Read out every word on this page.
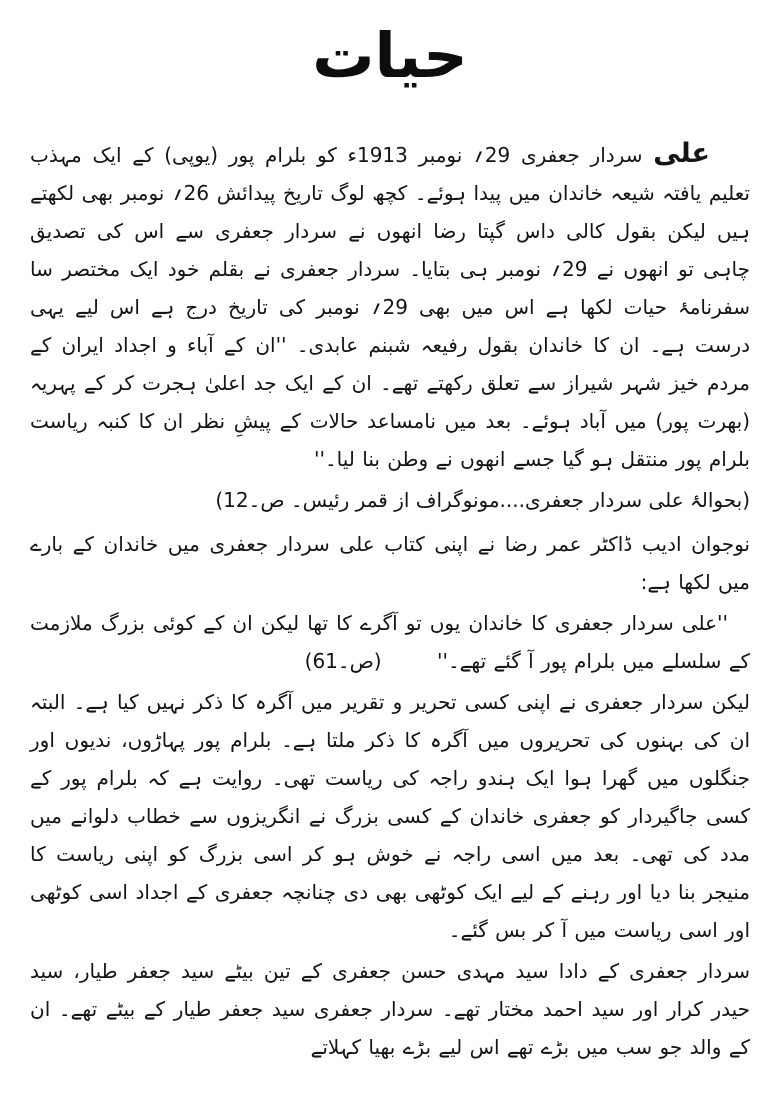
حیات

علی سردار جعفری 29؍ نومبر 1913ء کو بلرام پور (یوپی) کے ایک مہذب تعلیم یافتہ شیعہ خاندان میں پیدا ہوئے۔ کچھ لوگ تاریخ پیدائش 26؍ نومبر بھی لکھتے ہیں لیکن بقول کالی داس گپتا رضا انھوں نے سردار جعفری سے اس کی تصدیق چاہی تو انھوں نے 29؍ نومبر ہی بتایا۔ سردار جعفری نے بقلم خود ایک مختصر سا سفرنامۂ حیات لکھا ہے اس میں بھی 29؍ نومبر کی تاریخ درج ہے اس لیے یہی درست ہے۔ ان کا خاندان بقول رفیعہ شبنم عابدی۔ ''ان کے آباء و اجداد ایران کے مردم خیز شہر شیراز سے تعلق رکھتے تھے۔ ان کے ایک جد اعلیٰ ہجرت کر کے پہریہ (بھرت پور) میں آباد ہوئے۔ بعد میں نامساعد حالات کے پیشِ نظر ان کا کنبہ ریاست بلرام پور منتقل ہو گیا جسے انھوں نے وطن بنا لیا۔''

(بحوالۂ علی سردار جعفری....مونوگراف از قمر رئیس۔ ص۔12)

نوجوان ادیب ڈاکٹر عمر رضا نے اپنی کتاب علی سردار جعفری میں خاندان کے بارے میں لکھا ہے:

''علی سردار جعفری کا خاندان یوں تو آگرے کا تھا لیکن ان کے کوئی بزرگ ملازمت کے سلسلے میں بلرام پور آ گئے تھے۔'' (ص۔61)

لیکن سردار جعفری نے اپنی کسی تحریر و تقریر میں آگرہ کا ذکر نہیں کیا ہے۔ البتہ ان کی بہنوں کی تحریروں میں آگرہ کا ذکر ملتا ہے۔ بلرام پور پہاڑوں، ندیوں اور جنگلوں میں گھرا ہوا ایک ہندو راجہ کی ریاست تھی۔ روایت ہے کہ بلرام پور کے کسی جاگیردار کو جعفری خاندان کے کسی بزرگ نے انگریزوں سے خطاب دلوانے میں مدد کی تھی۔ بعد میں اسی راجہ نے خوش ہو کر اسی بزرگ کو اپنی ریاست کا منیجر بنا دیا اور رہنے کے لیے ایک کوٹھی بھی دی چنانچہ جعفری کے اجداد اسی کوٹھی اور اسی ریاست میں آ کر بس گئے۔

سردار جعفری کے دادا سید مہدی حسن جعفری کے تین بیٹے سید جعفر طیار، سید حیدر کرار اور سید احمد مختار تھے۔ سردار جعفری سید جعفر طیار کے بیٹے تھے۔ ان کے والد جو سب میں بڑے تھے اس لیے بڑے بھیا کہلاتے
